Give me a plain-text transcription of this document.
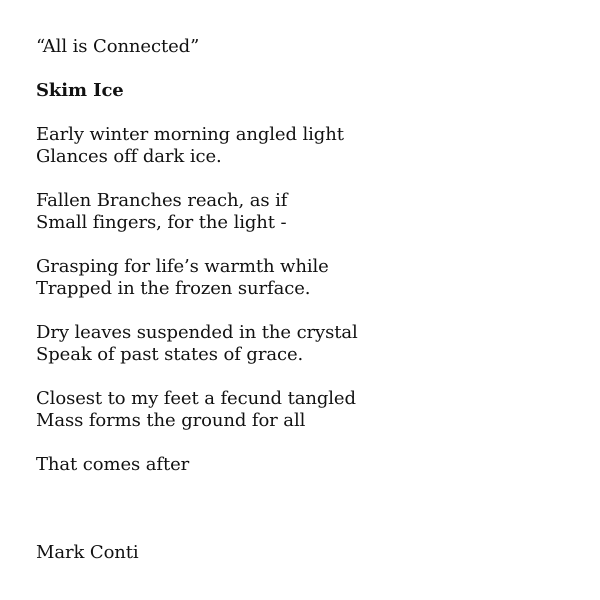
“All is Connected”
Skim Ice
Early winter morning angled light
Glances off dark ice.
Fallen Branches reach, as if
Small fingers, for the light -
Grasping for life’s warmth while
Trapped in the frozen surface.
Dry leaves suspended in the crystal
Speak of past states of grace.
Closest to my feet a fecund tangled
Mass forms the ground for all
That comes after
Mark Conti
